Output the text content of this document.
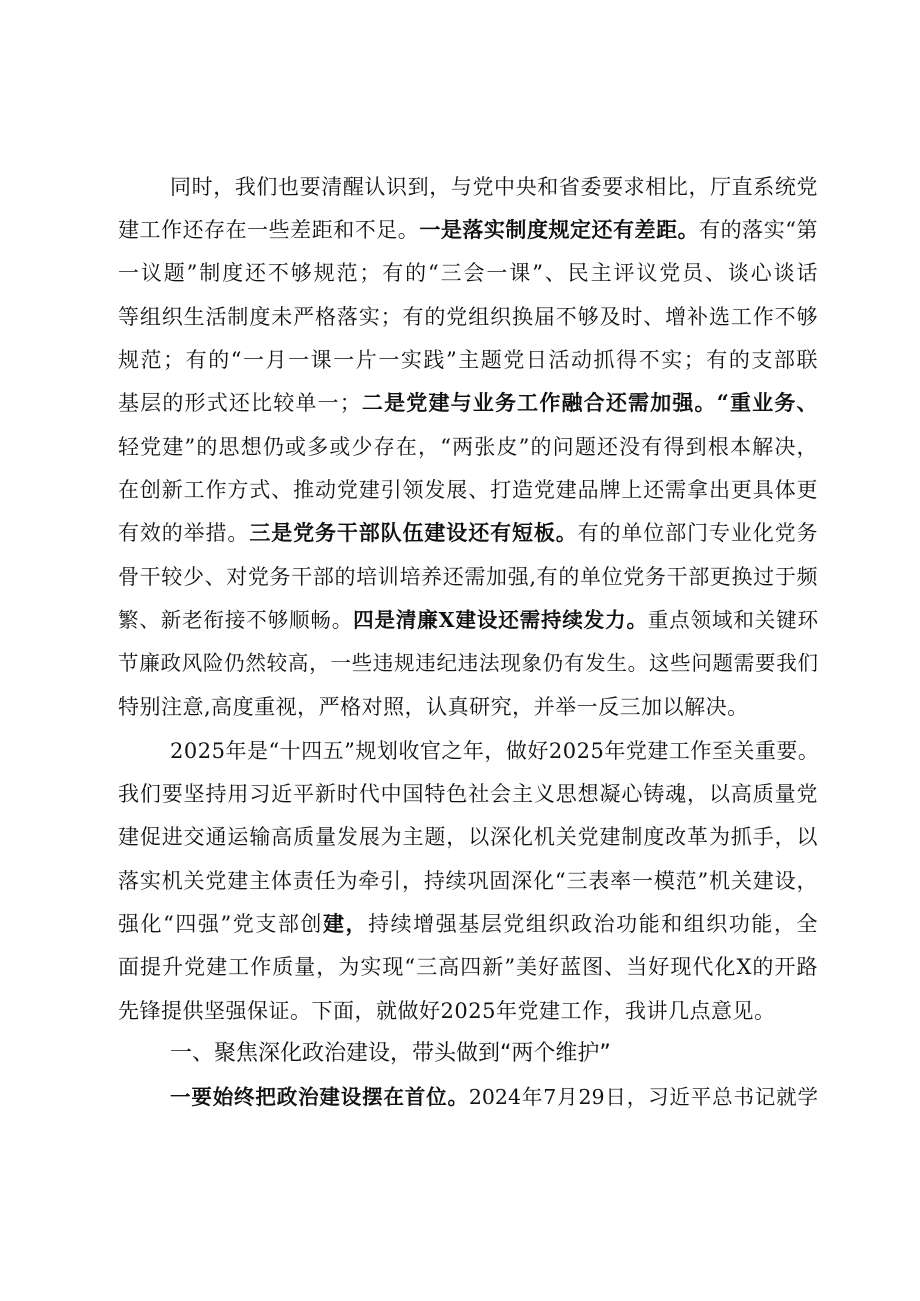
同时，我们也要清醒认识到，与党中央和省委要求相比，厅直系统党
建工作还存在一些差距和不足。一是落实制度规定还有差距。有的落实“第
一议题”制度还不够规范；有的“三会一课”、民主评议党员、谈心谈话
等组织生活制度未严格落实；有的党组织换届不够及时、增补选工作不够
规范；有的“一月一课一片一实践”主题党日活动抓得不实；有的支部联
基层的形式还比较单一；二是党建与业务工作融合还需加强。“重业务、
轻党建”的思想仍或多或少存在，“两张皮”的问题还没有得到根本解决，
在创新工作方式、推动党建引领发展、打造党建品牌上还需拿出更具体更
有效的举措。三是党务干部队伍建设还有短板。有的单位部门专业化党务
骨干较少、对党务干部的培训培养还需加强,有的单位党务干部更换过于频
繁、新老衔接不够顺畅。四是清廉X建设还需持续发力。重点领域和关键环
节廉政风险仍然较高，一些违规违纪违法现象仍有发生。这些问题需要我们
特别注意,高度重视，严格对照，认真研究，并举一反三加以解决。
2025年是“十四五”规划收官之年，做好2025年党建工作至关重要。
我们要坚持用习近平新时代中国特色社会主义思想凝心铸魂，以高质量党
建促进交通运输高质量发展为主题，以深化机关党建制度改革为抓手，以
落实机关党建主体责任为牵引，持续巩固深化“三表率一模范”机关建设，
强化“四强”党支部创建，持续增强基层党组织政治功能和组织功能，全
面提升党建工作质量，为实现“三高四新”美好蓝图、当好现代化X的开路
先锋提供坚强保证。下面，就做好2025年党建工作，我讲几点意见。
一、聚焦深化政治建设，带头做到“两个维护”
一要始终把政治建设摆在首位。2024年7月29日，习近平总书记就学
